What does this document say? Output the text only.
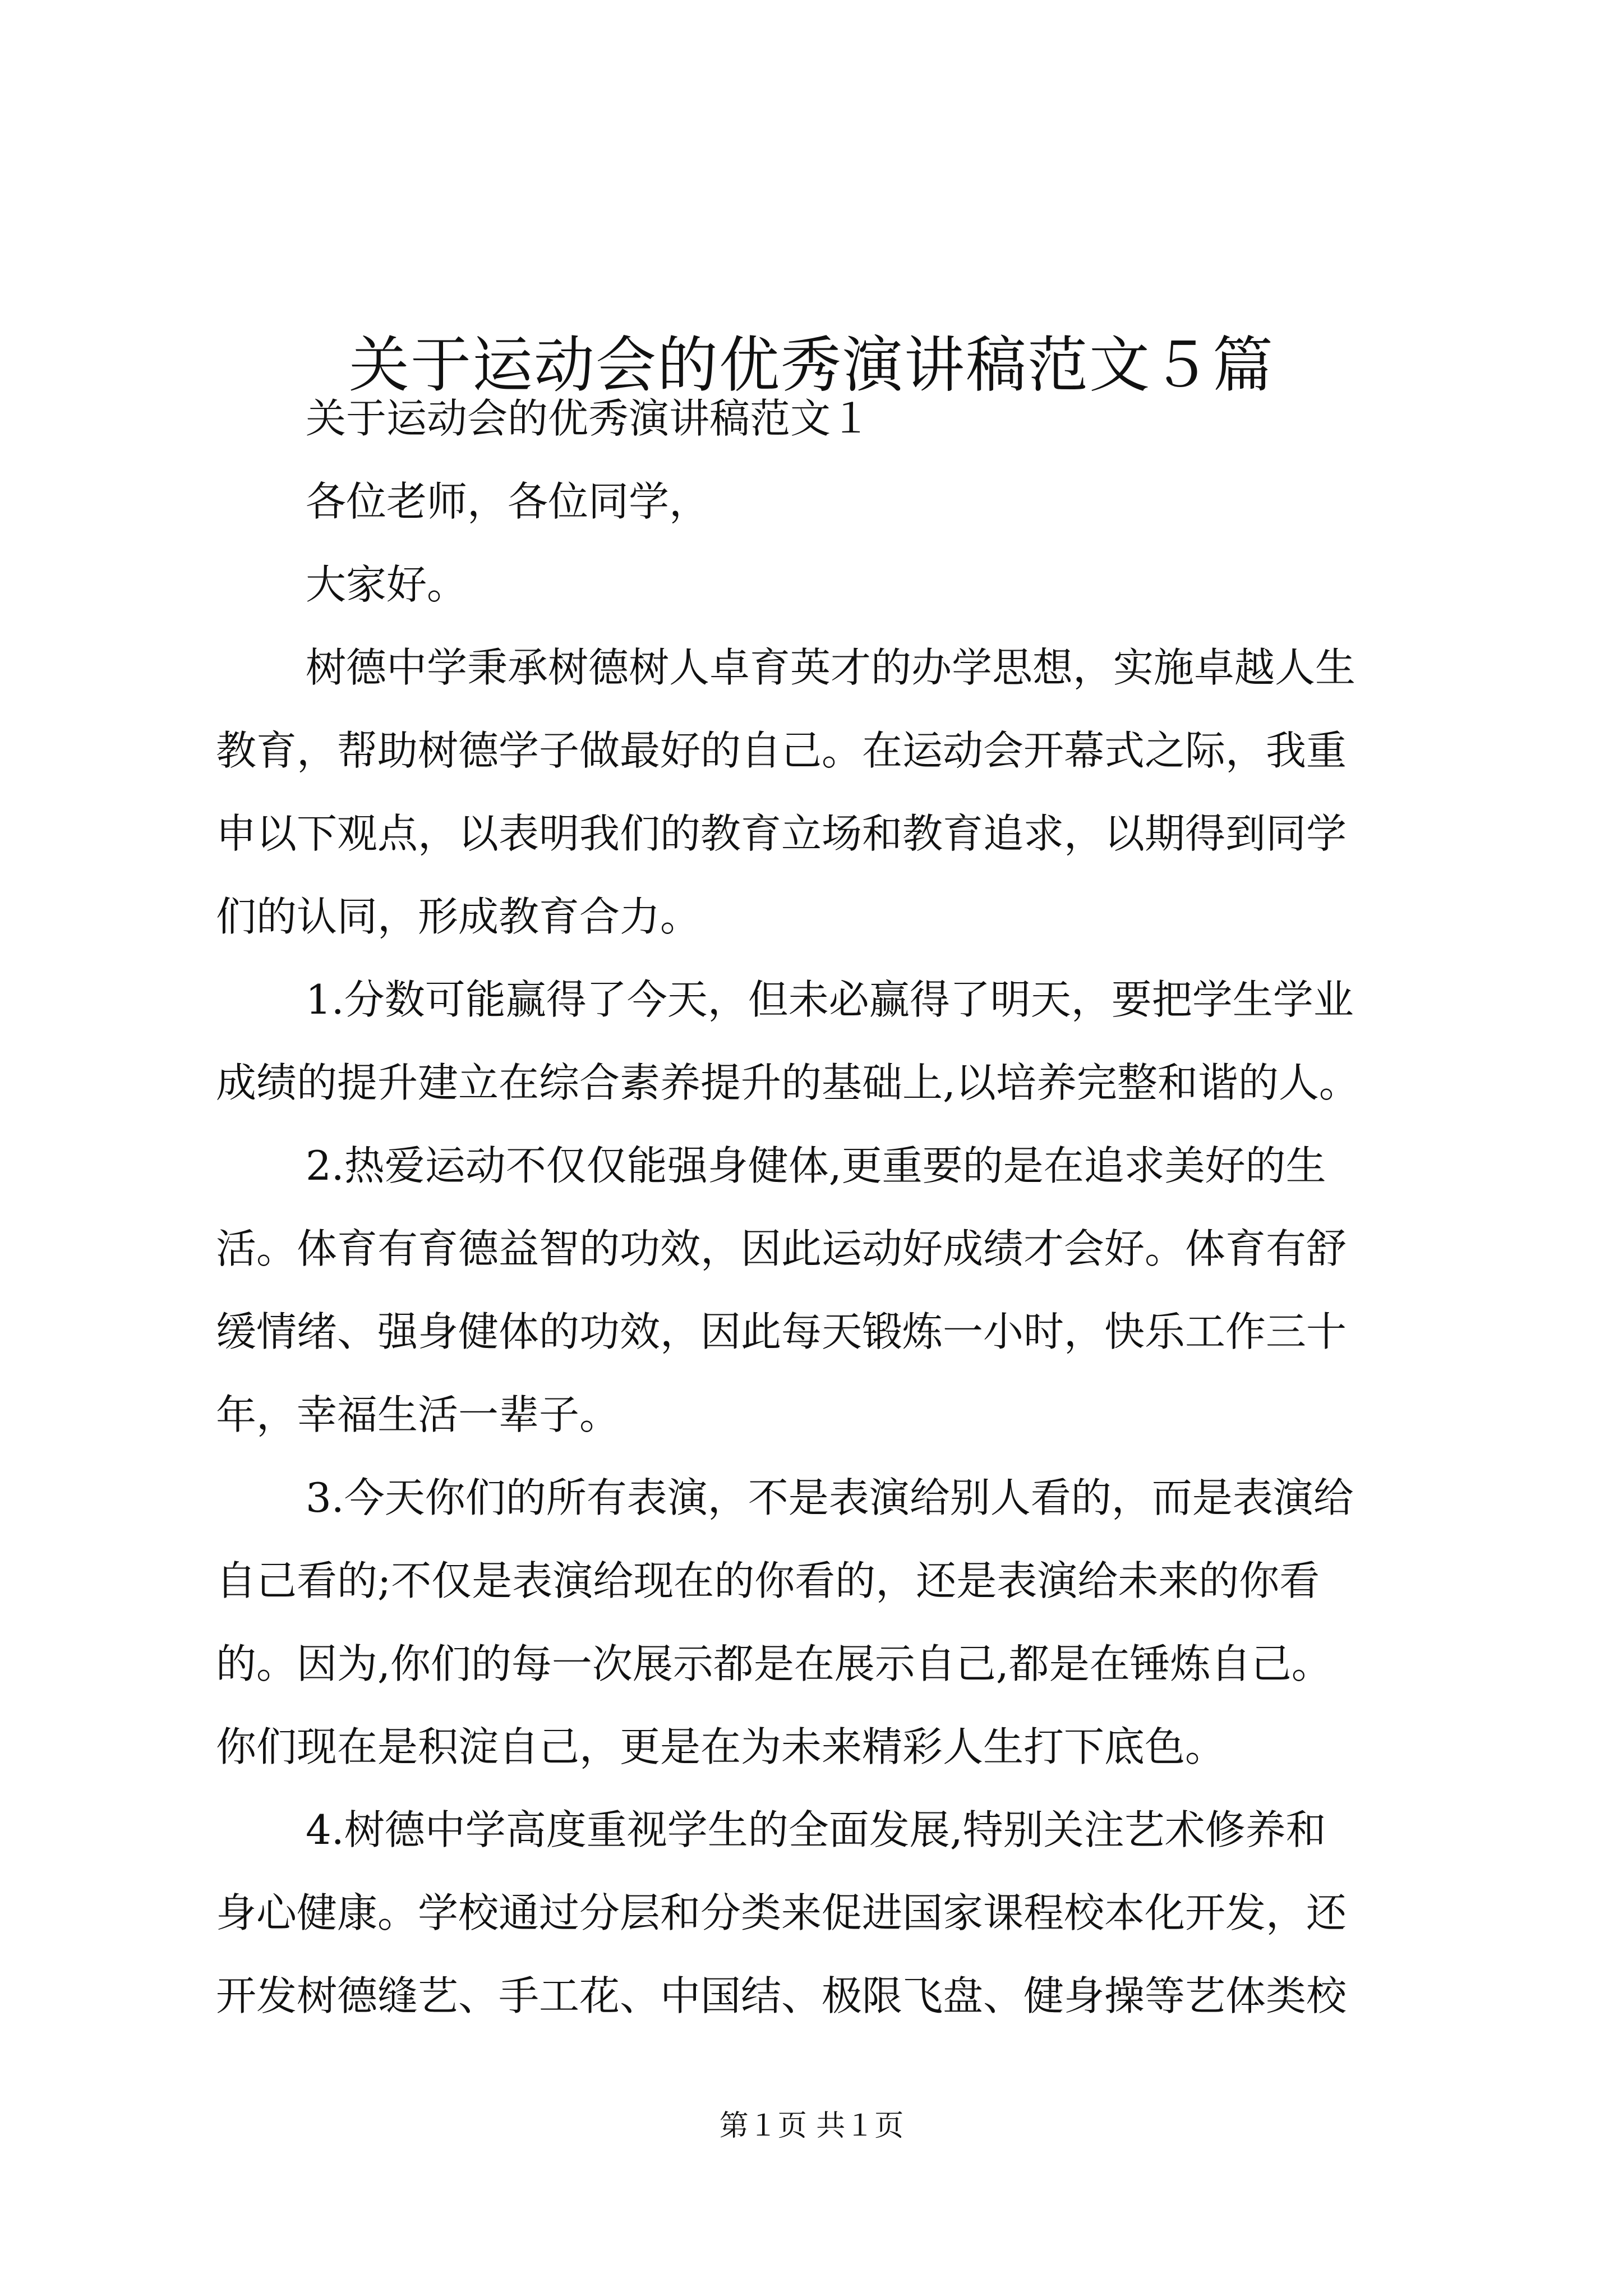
关于运动会的优秀演讲稿范文５篇
关于运动会的优秀演讲稿范文１
各位老师，各位同学，
大家好。
树德中学秉承树德树人卓育英才的办学思想，实施卓越人生
教育，帮助树德学子做最好的自己。在运动会开幕式之际，我重
申以下观点，以表明我们的教育立场和教育追求，以期得到同学
们的认同，形成教育合力。
1.分数可能赢得了今天，但未必赢得了明天，要把学生学业
成绩的提升建立在综合素养提升的基础上,以培养完整和谐的人。
2.热爱运动不仅仅能强身健体,更重要的是在追求美好的生
活。体育有育德益智的功效，因此运动好成绩才会好。体育有舒
缓情绪、强身健体的功效，因此每天锻炼一小时，快乐工作三十
年，幸福生活一辈子。
3.今天你们的所有表演，不是表演给别人看的，而是表演给
自己看的;不仅是表演给现在的你看的，还是表演给未来的你看
的。因为,你们的每一次展示都是在展示自己,都是在锤炼自己。
你们现在是积淀自己，更是在为未来精彩人生打下底色。
4.树德中学高度重视学生的全面发展,特别关注艺术修养和
身心健康。学校通过分层和分类来促进国家课程校本化开发，还
开发树德缝艺、手工花、中国结、极限飞盘、健身操等艺体类校
第１页 共１页
